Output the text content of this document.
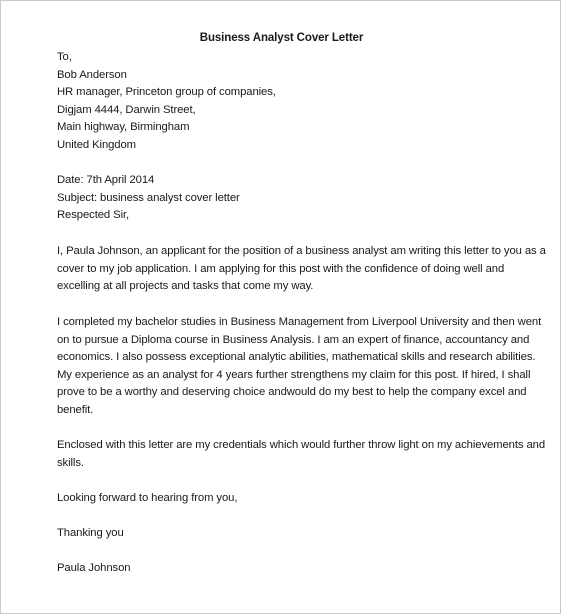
Business Analyst Cover Letter
To,
Bob Anderson
HR manager, Princeton group of companies,
Digjam 4444, Darwin Street,
Main highway, Birmingham
United Kingdom
Date: 7th April 2014
Subject: business analyst cover letter
Respected Sir,
I, Paula Johnson, an applicant for the position of a business analyst am writing this letter to you as a
cover to my job application. I am applying for this post with the confidence of doing well and
excelling at all projects and tasks that come my way.
I completed my bachelor studies in Business Management from Liverpool University and then went
on to pursue a Diploma course in Business Analysis. I am an expert of finance, accountancy and
economics. I also possess exceptional analytic abilities, mathematical skills and research abilities.
My experience as an analyst for 4 years further strengthens my claim for this post. If hired, I shall
prove to be a worthy and deserving choice andwould do my best to help the company excel and
benefit.
Enclosed with this letter are my credentials which would further throw light on my achievements and
skills.
Looking forward to hearing from you,
Thanking you
Paula Johnson
